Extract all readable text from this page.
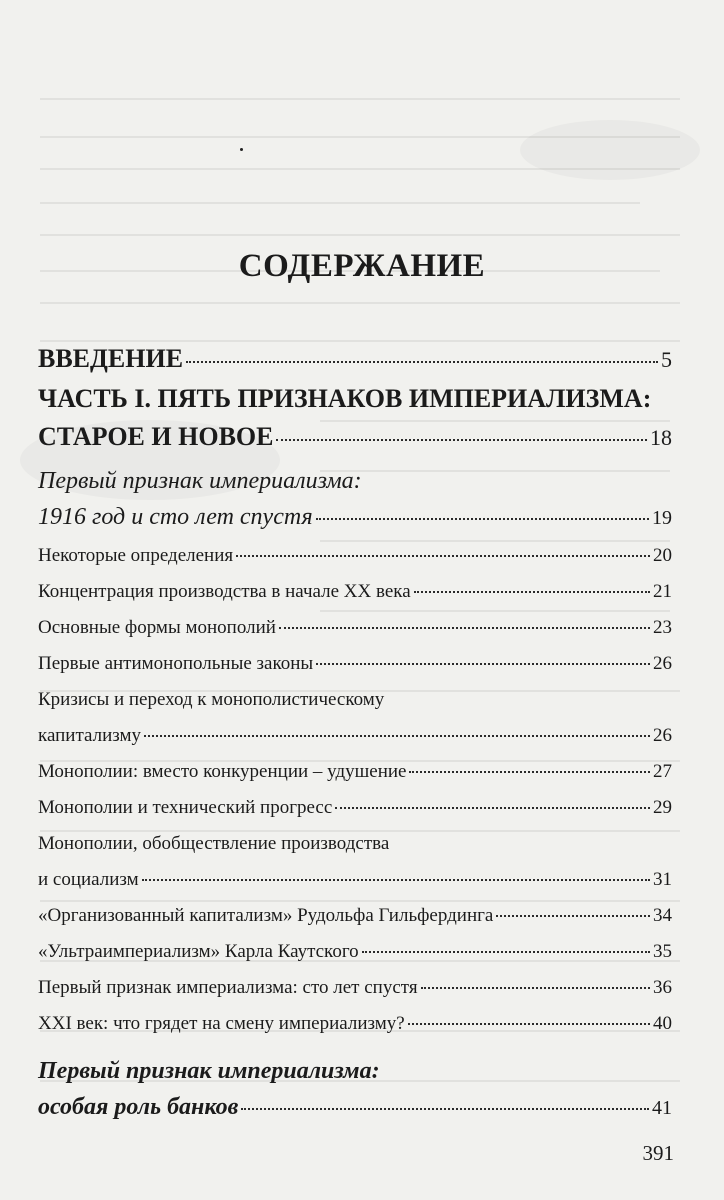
СОДЕРЖАНИЕ
ВВЕДЕНИЕ	5
ЧАСТЬ I. ПЯТЬ ПРИЗНАКОВ ИМПЕРИАЛИЗМА:
СТАРОЕ И НОВОЕ	18
Первый признак империализма:
1916 год и сто лет спустя	19
Некоторые определения	20
Концентрация производства в начале XX века	21
Основные формы монополий	23
Первые антимонопольные законы	26
Кризисы и переход к монополистическому
капитализму	26
Монополии: вместо конкуренции – удушение	27
Монополии и технический прогресс	29
Монополии, обобществление производства
и социализм	31
«Организованный капитализм» Рудольфа Гильфердинга	34
«Ультраимпериализм» Карла Каутского	35
Первый признак империализма: сто лет спустя	36
XXI век: что грядет на смену империализму?	40
Первый признак империализма:
особая роль банков	41
391
